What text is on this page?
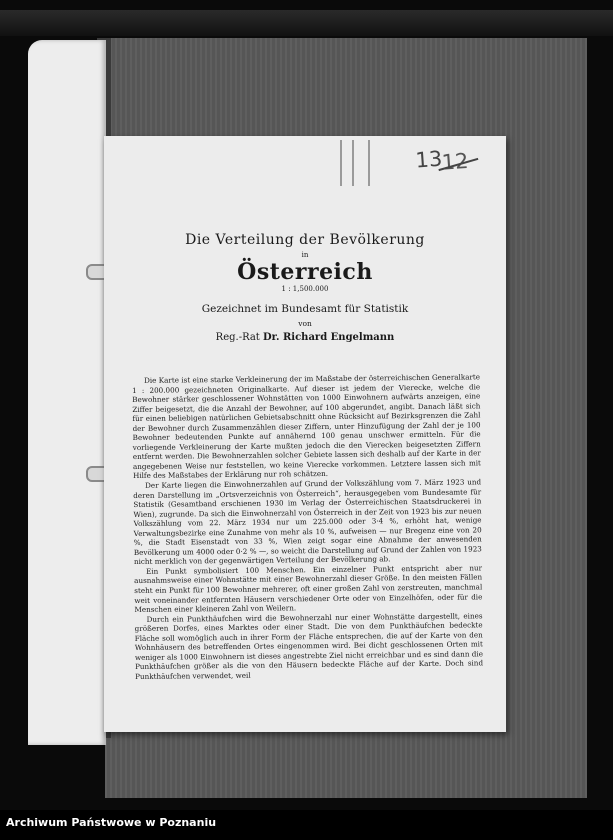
13
12
Die Verteilung der Bevölkerung
in
Österreich
1 : 1,500.000
Gezeichnet im Bundesamt für Statistik
von
Reg.-Rat Dr. Richard Engelmann

Die Karte ist eine starke Verkleinerung der im Maßstabe der österreichischen Generalkarte 1 : 200.000 gezeichneten Originalkarte. Auf dieser ist jedem der Vierecke, welche die Bewohner stärker geschlossener Wohnstätten von 1000 Einwohnern aufwärts anzeigen, eine Ziffer beigesetzt, die die Anzahl der Bewohner, auf 100 abgerundet, angibt. Danach läßt sich für einen beliebigen natürlichen Gebietsabschnitt ohne Rücksicht auf Bezirksgrenzen die Zahl der Bewohner durch Zusammenzählen dieser Ziffern, unter Hinzufügung der Zahl der je 100 Bewohner bedeutenden Punkte auf annähernd 100 genau unschwer ermitteln. Für die vorliegende Verkleinerung der Karte mußten jedoch die den Vierecken beigesetzten Ziffern entfernt werden. Die Bewohnerzahlen solcher Gebiete lassen sich deshalb auf der Karte in der angegebenen Weise nur feststellen, wo keine Vierecke vorkommen. Letztere lassen sich mit Hilfe des Maßstabes der Erklärung nur roh schätzen.

Der Karte liegen die Einwohnerzahlen auf Grund der Volkszählung vom 7. März 1923 und deren Darstellung im „Ortsverzeichnis von Österreich“, herausgegeben vom Bundesamte für Statistik (Gesamtband erschienen 1930 im Verlag der Österreichischen Staatsdruckerei in Wien), zugrunde. Da sich die Einwohnerzahl von Österreich in der Zeit von 1923 bis zur neuen Volkszählung vom 22. März 1934 nur um 225.000 oder 3·4 %, erhöht hat, wenige Verwaltungsbezirke eine Zunahme von mehr als 10 %, aufweisen — nur Bregenz eine von 20 %, die Stadt Eisenstadt von 33 %, Wien zeigt sogar eine Abnahme der anwesenden Bevölkerung um 4000 oder 0·2 % —, so weicht die Darstellung auf Grund der Zahlen von 1923 nicht merklich von der gegenwärtigen Verteilung der Bevölkerung ab.

Ein Punkt symbolisiert 100 Menschen. Ein einzelner Punkt entspricht aber nur ausnahmsweise einer Wohnstätte mit einer Bewohnerzahl dieser Größe. In den meisten Fällen steht ein Punkt für 100 Bewohner mehrerer, oft einer großen Zahl von zerstreuten, manchmal weit voneinander entfernten Häusern verschiedener Orte oder von Einzelhöfen, oder für die Menschen einer kleineren Zahl von Weilern.

Durch ein Punkthäufchen wird die Bewohnerzahl nur einer Wohnstätte dargestellt, eines größeren Dorfes, eines Marktes oder einer Stadt. Die von dem Punkthäufchen bedeckte Fläche soll womöglich auch in ihrer Form der Fläche entsprechen, die auf der Karte von den Wohnhäusern des betreffenden Ortes eingenommen wird. Bei dicht geschlossenen Orten mit weniger als 1000 Einwohnern ist dieses angestrebte Ziel nicht erreichbar und es sind dann die Punkthäufchen größer als die von den Häusern bedeckte Fläche auf der Karte. Doch sind Punkthäufchen verwendet, weil

Archiwum Państwowe w Poznaniu
